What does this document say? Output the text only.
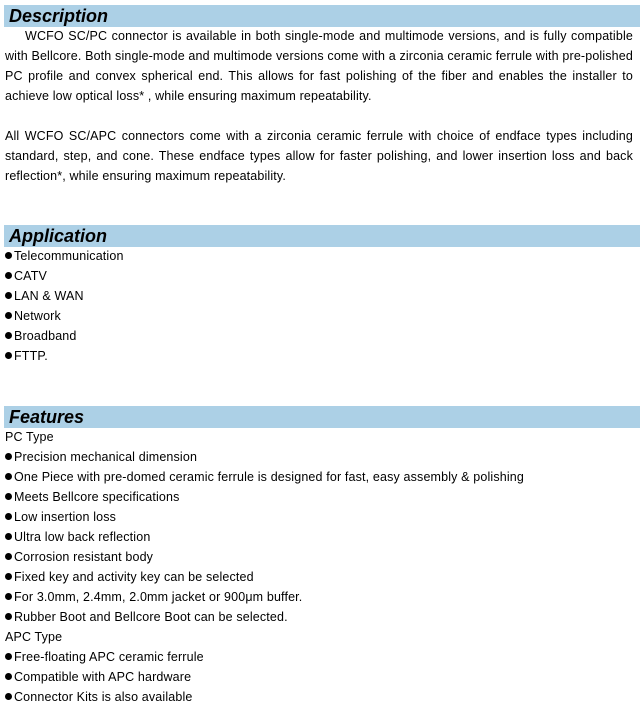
Description

WCFO SC/PC connector is available in both single-mode and multimode versions, and is fully compatible with Bellcore. Both single-mode and multimode versions come with a zirconia ceramic ferrule with pre-polished PC profile and convex spherical end. This allows for fast polishing of the fiber and enables the installer to achieve low optical loss* , while ensuring maximum repeatability.

All WCFO SC/APC connectors come with a zirconia ceramic ferrule with choice of endface types including standard, step, and cone. These endface types allow for faster polishing, and lower insertion loss and back reflection*, while ensuring maximum repeatability.

Application
Telecommunication
CATV
LAN & WAN
Network
Broadband
FTTP.
Features
PC Type
Precision mechanical dimension
One Piece with pre-domed ceramic ferrule is designed for fast, easy assembly & polishing
Meets Bellcore specifications
Low insertion loss
Ultra low back reflection
Corrosion resistant body
Fixed key and activity key can be selected
For 3.0mm, 2.4mm, 2.0mm jacket or 900μm buffer.
Rubber Boot and Bellcore Boot can be selected.
APC Type
Free-floating APC ceramic ferrule
Compatible with APC hardware
Connector Kits is also available
